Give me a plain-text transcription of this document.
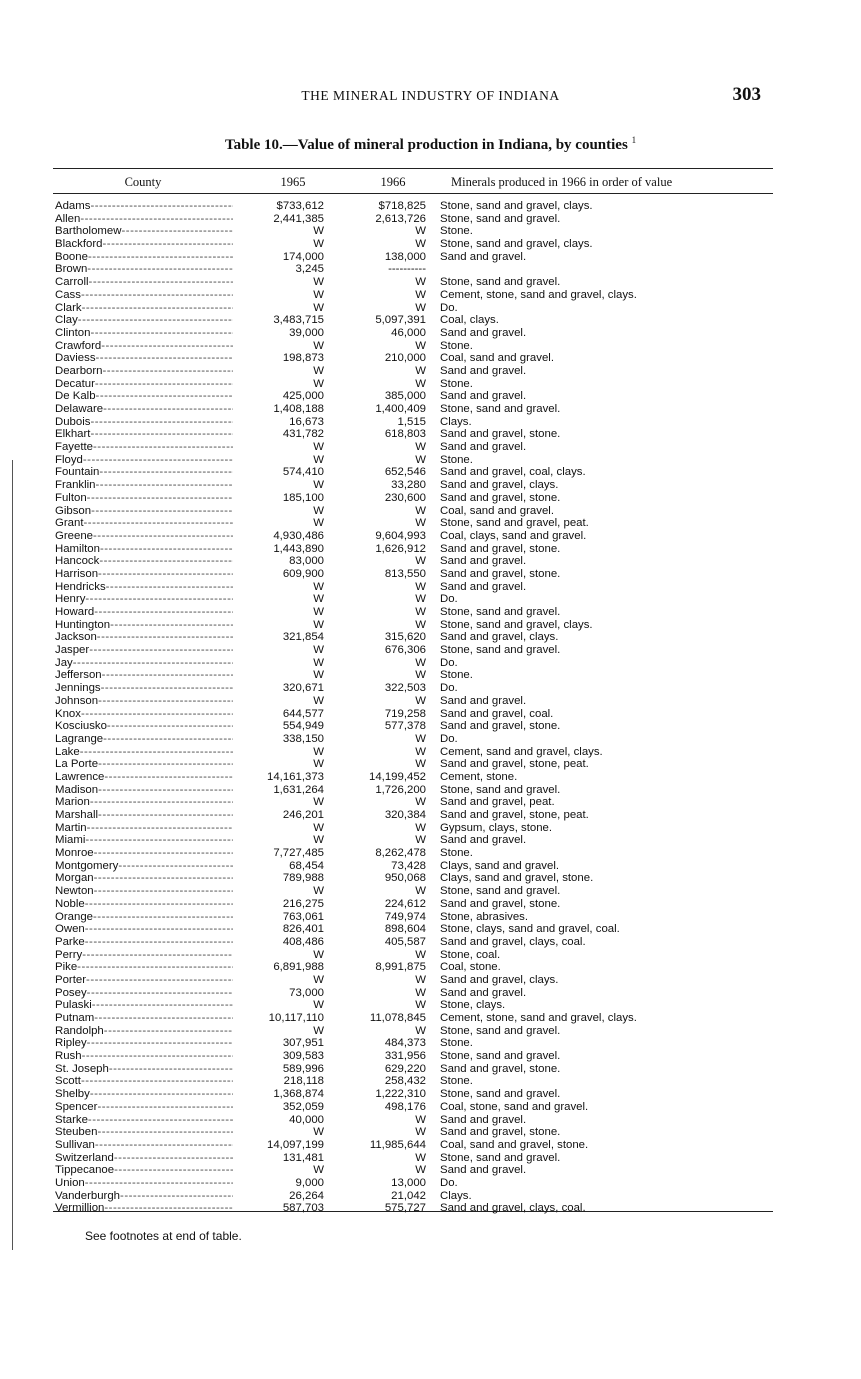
THE MINERAL INDUSTRY OF INDIANA	303
Table 10.—Value of mineral production in Indiana, by counties $^1$
County	1965	1966	Minerals produced in 1966 in order of value
Adams -----	$733,612	$718,825 Stone, sand and gravel, clays.
Allen -----	2,441,385	2,613,726 Stone, sand and gravel.
Bartholomew -----	W	W Stone.
Blackford -----	W	W Stone, sand and gravel, clays.
Boone -----	174,000	138,000 Sand and gravel.
Brown -----	3,245	----------
Carroll -----	W	W Stone, sand and gravel.
Cass -----	W	W Cement, stone, sand and gravel, clays.
Clark -----	W	W Do.
Clay -----	3,483,715	5,097,391 Coal, clays.
Clinton -----	39,000	46,000 Sand and gravel.
Crawford -----	W	W Stone.
Daviess -----	198,873	210,000 Coal, sand and gravel.
Dearborn -----	W	W Sand and gravel.
Decatur -----	W	W Stone.
De Kalb -----	425,000	385,000 Sand and gravel.
Delaware -----	1,408,188	1,400,409 Stone, sand and gravel.
Dubois -----	16,673	1,515 Clays.
Elkhart -----	431,782	618,803 Sand and gravel, stone.
Fayette -----	W	W Sand and gravel.
Floyd -----	W	W Stone.
Fountain -----	574,410	652,546 Sand and gravel, coal, clays.
Franklin -----	W	33,280 Sand and gravel, clays.
Fulton -----	185,100	230,600 Sand and gravel, stone.
Gibson -----	W	W Coal, sand and gravel.
Grant -----	W	W Stone, sand and gravel, peat.
Greene -----	4,930,486	9,604,993 Coal, clays, sand and gravel.
Hamilton -----	1,443,890	1,626,912 Sand and gravel, stone.
Hancock -----	83,000	W Sand and gravel.
Harrison -----	609,900	813,550 Sand and gravel, stone.
Hendricks -----	W	W Sand and gravel.
Henry -----	W	W Do.
Howard -----	W	W Stone, sand and gravel.
Huntington -----	W	W Stone, sand and gravel, clays.
Jackson -----	321,854	315,620 Sand and gravel, clays.
Jasper -----	W	676,306 Stone, sand and gravel.
Jay -----	W	W Do.
Jefferson -----	W	W Stone.
Jennings -----	320,671	322,503 Do.
Johnson -----	W	W Sand and gravel.
Knox -----	644,577	719,258 Sand and gravel, coal.
Kosciusko -----	554,949	577,378 Sand and gravel, stone.
Lagrange -----	338,150	W Do.
Lake -----	W	W Cement, sand and gravel, clays.
La Porte -----	W	W Sand and gravel, stone, peat.
Lawrence -----	14,161,373	14,199,452 Cement, stone.
Madison -----	1,631,264	1,726,200 Stone, sand and gravel.
Marion -----	W	W Sand and gravel, peat.
Marshall -----	246,201	320,384 Sand and gravel, stone, peat.
Martin -----	W	W Gypsum, clays, stone.
Miami -----	W	W Sand and gravel.
Monroe -----	7,727,485	8,262,478 Stone.
Montgomery -----	68,454	73,428 Clays, sand and gravel.
Morgan -----	789,988	950,068 Clays, sand and gravel, stone.
Newton -----	W	W Stone, sand and gravel.
Noble -----	216,275	224,612 Sand and gravel, stone.
Orange -----	763,061	749,974 Stone, abrasives.
Owen -----	826,401	898,604 Stone, clays, sand and gravel, coal.
Parke -----	408,486	405,587 Sand and gravel, clays, coal.
Perry -----	W	W Stone, coal.
Pike -----	6,891,988	8,991,875 Coal, stone.
Porter -----	W	W Sand and gravel, clays.
Posey -----	73,000	W Sand and gravel.
Pulaski -----	W	W Stone, clays.
Putnam -----	10,117,110	11,078,845 Cement, stone, sand and gravel, clays.
Randolph -----	W	W Stone, sand and gravel.
Ripley -----	307,951	484,373 Stone.
Rush -----	309,583	331,956 Stone, sand and gravel.
St. Joseph -----	589,996	629,220 Sand and gravel, stone.
Scott -----	218,118	258,432 Stone.
Shelby -----	1,368,874	1,222,310 Stone, sand and gravel.
Spencer -----	352,059	498,176 Coal, stone, sand and gravel.
Starke -----	40,000	W Sand and gravel.
Steuben -----	W	W Sand and gravel, stone.
Sullivan -----	14,097,199	11,985,644 Coal, sand and gravel, stone.
Switzerland -----	131,481	W Stone, sand and gravel.
Tippecanoe -----	W	W Sand and gravel.
Union -----	9,000	13,000 Do.
Vanderburgh -----	26,264	21,042 Clays.
Vermillion -----	587,703	575,727 Sand and gravel, clays, coal.
See footnotes at end of table.
